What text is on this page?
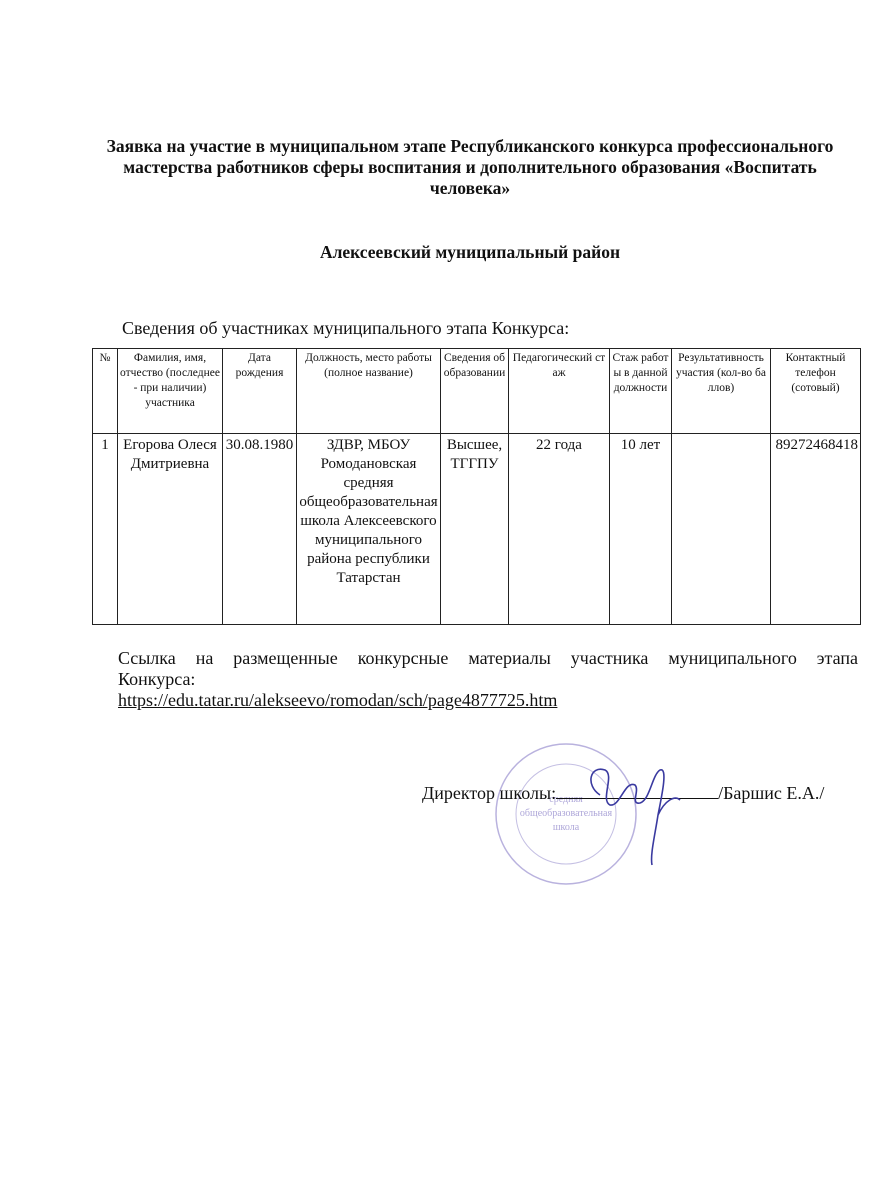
Заявка на участие в муниципальном этапе Республиканского конкурса профессионального мастерства работников сферы воспитания и дополнительного образования «Воспитать человека»
Алексеевский муниципальный район
Сведения об участниках муниципального этапа Конкурса:
№	Фамилия, имя, отчество (последнее - при наличии) участника	Дата рождения	Должность, место работы (полное название)	Сведения об образовании	Педагогический стаж	Стаж работы в данной должности	Результативность участия (кол-во баллов)	Контактный телефон (сотовый)
1	Егорова Олеся Дмитриевна	30.08.1980	ЗДВР, МБОУ Ромодановская средняя общеобразовательная школа Алексеевского муниципального района республики Татарстан	Высшее, ТГГПУ	22 года	10 лет		89272468418
Ссылка на размещенные конкурсные материалы участника муниципального этапа
Конкурса:
https://edu.tatar.ru/alekseevo/romodan/sch/page4877725.htm
средняя
общеобразовательная
школа
Директор школы:	/Баршис Е.А./
